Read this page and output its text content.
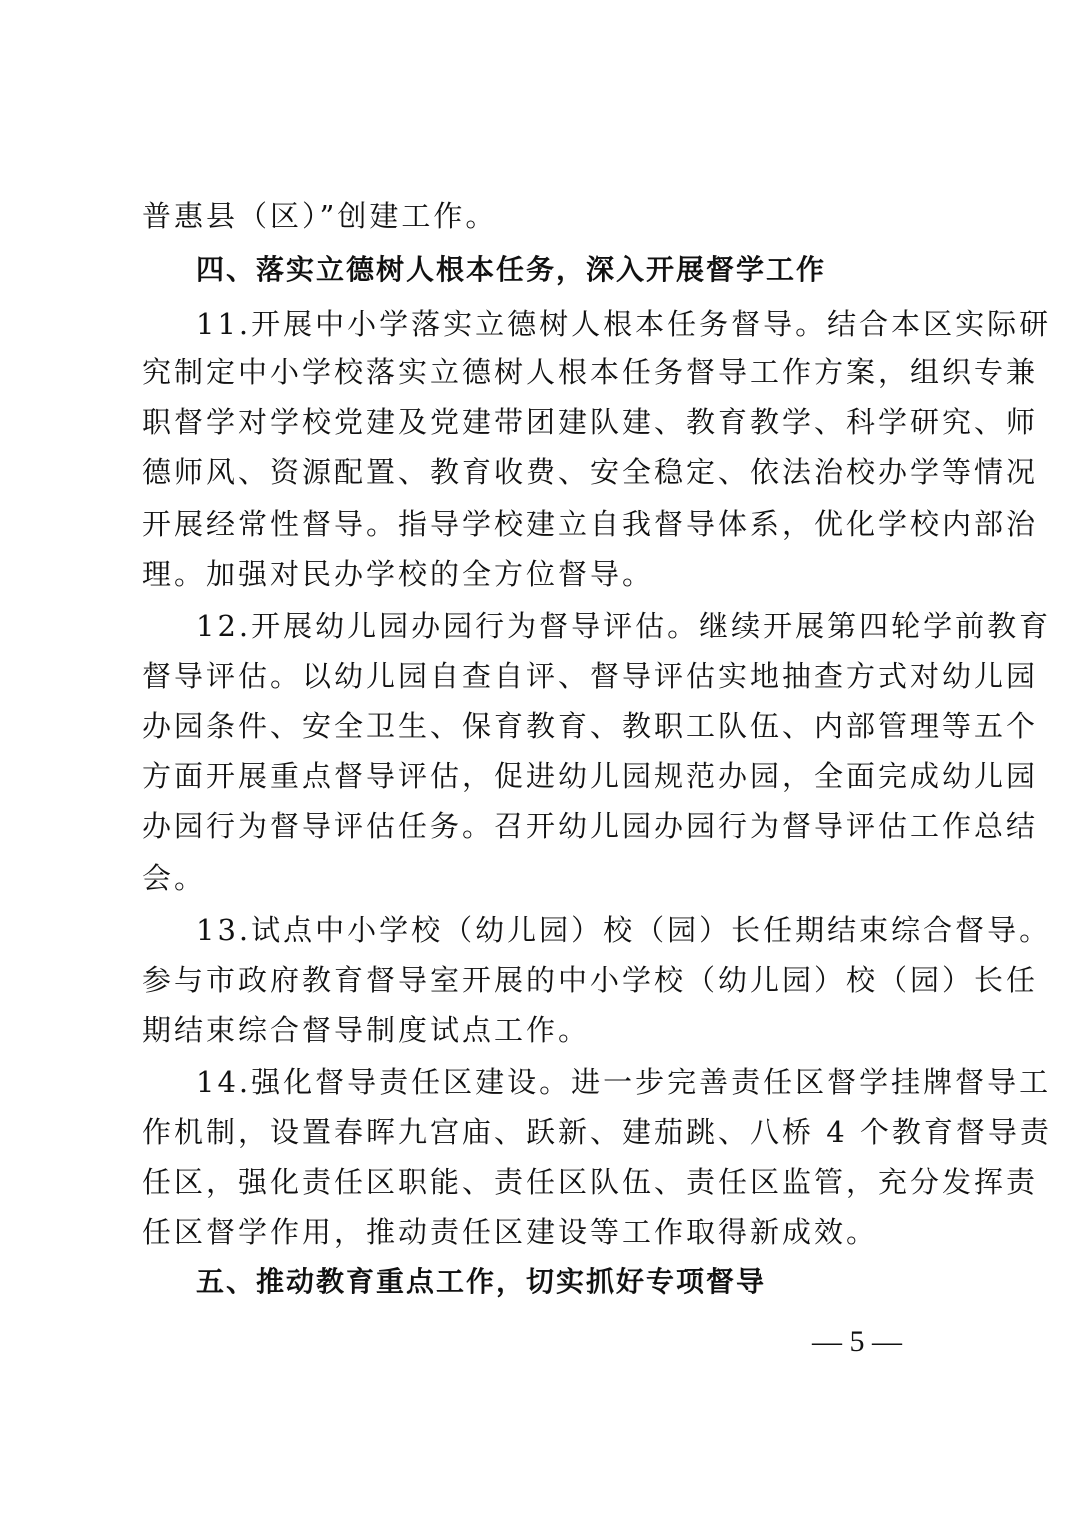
普惠县（区）”创建工作。
四、落实立德树人根本任务，深入开展督学工作
11.开展中小学落实立德树人根本任务督导。结合本区实际研
究制定中小学校落实立德树人根本任务督导工作方案，组织专兼
职督学对学校党建及党建带团建队建、教育教学、科学研究、师
德师风、资源配置、教育收费、安全稳定、依法治校办学等情况
开展经常性督导。指导学校建立自我督导体系，优化学校内部治
理。加强对民办学校的全方位督导。
12.开展幼儿园办园行为督导评估。继续开展第四轮学前教育
督导评估。以幼儿园自查自评、督导评估实地抽查方式对幼儿园
办园条件、安全卫生、保育教育、教职工队伍、内部管理等五个
方面开展重点督导评估，促进幼儿园规范办园，全面完成幼儿园
办园行为督导评估任务。召开幼儿园办园行为督导评估工作总结
会。
13.试点中小学校（幼儿园）校（园）长任期结束综合督导。
参与市政府教育督导室开展的中小学校（幼儿园）校（园）长任
期结束综合督导制度试点工作。
14.强化督导责任区建设。进一步完善责任区督学挂牌督导工
作机制，设置春晖九宫庙、跃新、建茄跳、八桥 4 个教育督导责
任区，强化责任区职能、责任区队伍、责任区监管，充分发挥责
任区督学作用，推动责任区建设等工作取得新成效。
五、推动教育重点工作，切实抓好专项督导
— 5 —
